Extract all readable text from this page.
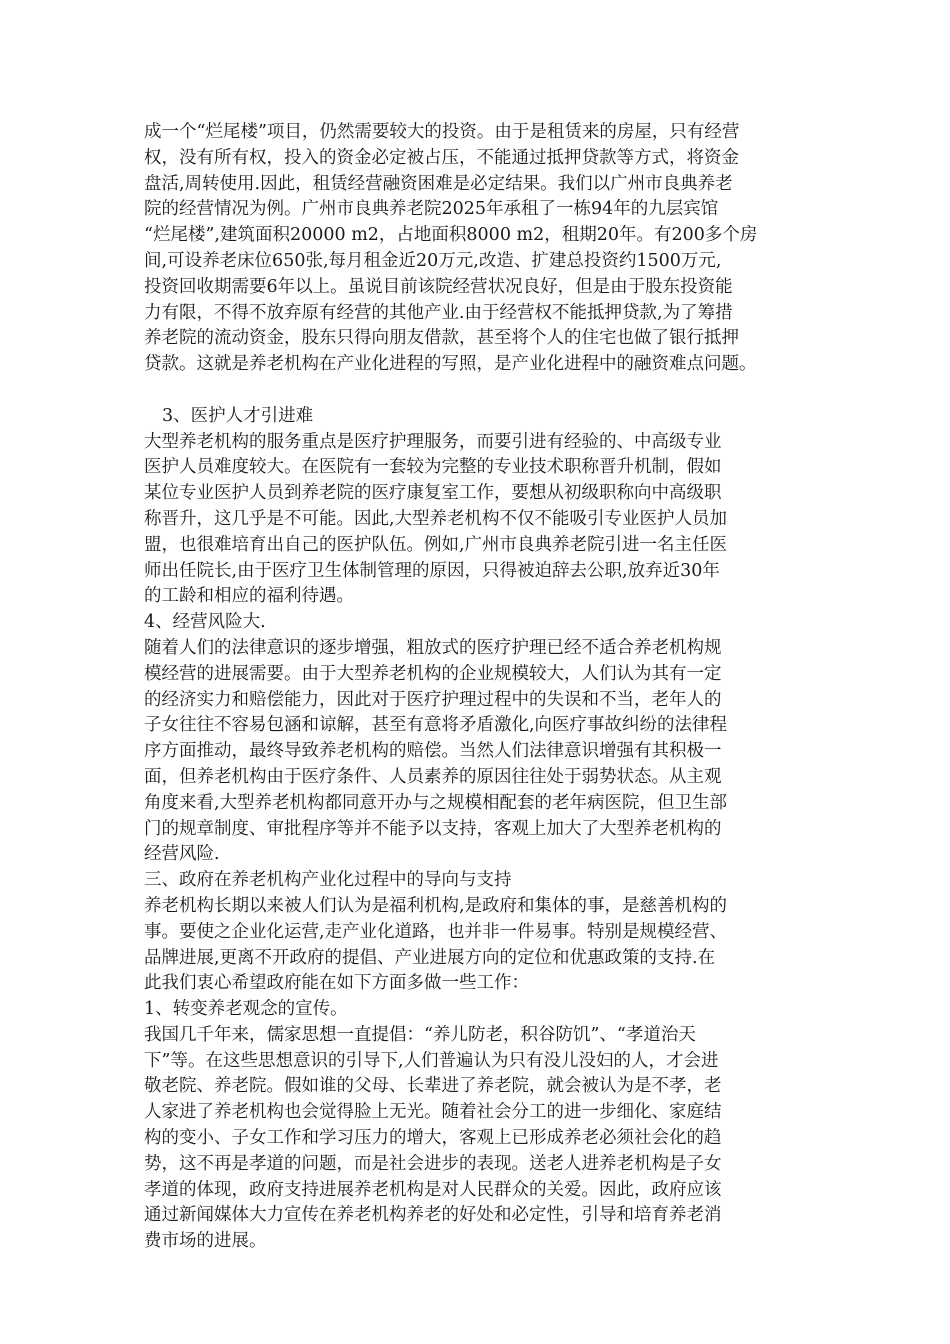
成一个“烂尾楼”项目，仍然需要较大的投资。由于是租赁来的房屋，只有经营
权，没有所有权，投入的资金必定被占压，不能通过抵押贷款等方式，将资金
盘活,周转使用.因此，租赁经营融资困难是必定结果。我们以广州市良典养老
院的经营情况为例。广州市良典养老院2025年承租了一栋94年的九层宾馆
“烂尾楼”,建筑面积20000 m2，占地面积8000 m2，租期20年。有200多个房
间,可设养老床位650张,每月租金近20万元,改造、扩建总投资约1500万元,
投资回收期需要6年以上。虽说目前该院经营状况良好，但是由于股东投资能
力有限，不得不放弃原有经营的其他产业.由于经营权不能抵押贷款,为了筹措
养老院的流动资金，股东只得向朋友借款，甚至将个人的住宅也做了银行抵押
贷款。这就是养老机构在产业化进程的写照，是产业化进程中的融资难点问题。
3、医护人才引进难
大型养老机构的服务重点是医疗护理服务，而要引进有经验的、中高级专业
医护人员难度较大。在医院有一套较为完整的专业技术职称晋升机制，假如
某位专业医护人员到养老院的医疗康复室工作，要想从初级职称向中高级职
称晋升，这几乎是不可能。因此,大型养老机构不仅不能吸引专业医护人员加
盟，也很难培育出自己的医护队伍。例如,广州市良典养老院引进一名主任医
师出任院长,由于医疗卫生体制管理的原因，只得被迫辞去公职,放弃近30年
的工龄和相应的福利待遇。
4、经营风险大.
随着人们的法律意识的逐步增强，粗放式的医疗护理已经不适合养老机构规
模经营的进展需要。由于大型养老机构的企业规模较大，人们认为其有一定
的经济实力和赔偿能力，因此对于医疗护理过程中的失误和不当，老年人的
子女往往不容易包涵和谅解，甚至有意将矛盾激化,向医疗事故纠纷的法律程
序方面推动，最终导致养老机构的赔偿。当然人们法律意识增强有其积极一
面，但养老机构由于医疗条件、人员素养的原因往往处于弱势状态。从主观
角度来看,大型养老机构都同意开办与之规模相配套的老年病医院，但卫生部
门的规章制度、审批程序等并不能予以支持，客观上加大了大型养老机构的
经营风险.
三、政府在养老机构产业化过程中的导向与支持
养老机构长期以来被人们认为是福利机构,是政府和集体的事，是慈善机构的
事。要使之企业化运营,走产业化道路，也并非一件易事。特别是规模经营、
品牌进展,更离不开政府的提倡、产业进展方向的定位和优惠政策的支持.在
此我们衷心希望政府能在如下方面多做一些工作：
1、转变养老观念的宣传。
我国几千年来，儒家思想一直提倡：“养儿防老，积谷防饥”、“孝道治天
下”等。在这些思想意识的引导下,人们普遍认为只有没儿没妇的人，才会进
敬老院、养老院。假如谁的父母、长辈进了养老院，就会被认为是不孝，老
人家进了养老机构也会觉得脸上无光。随着社会分工的进一步细化、家庭结
构的变小、子女工作和学习压力的增大，客观上已形成养老必须社会化的趋
势，这不再是孝道的问题，而是社会进步的表现。送老人进养老机构是子女
孝道的体现，政府支持进展养老机构是对人民群众的关爱。因此，政府应该
通过新闻媒体大力宣传在养老机构养老的好处和必定性，引导和培育养老消
费市场的进展。
